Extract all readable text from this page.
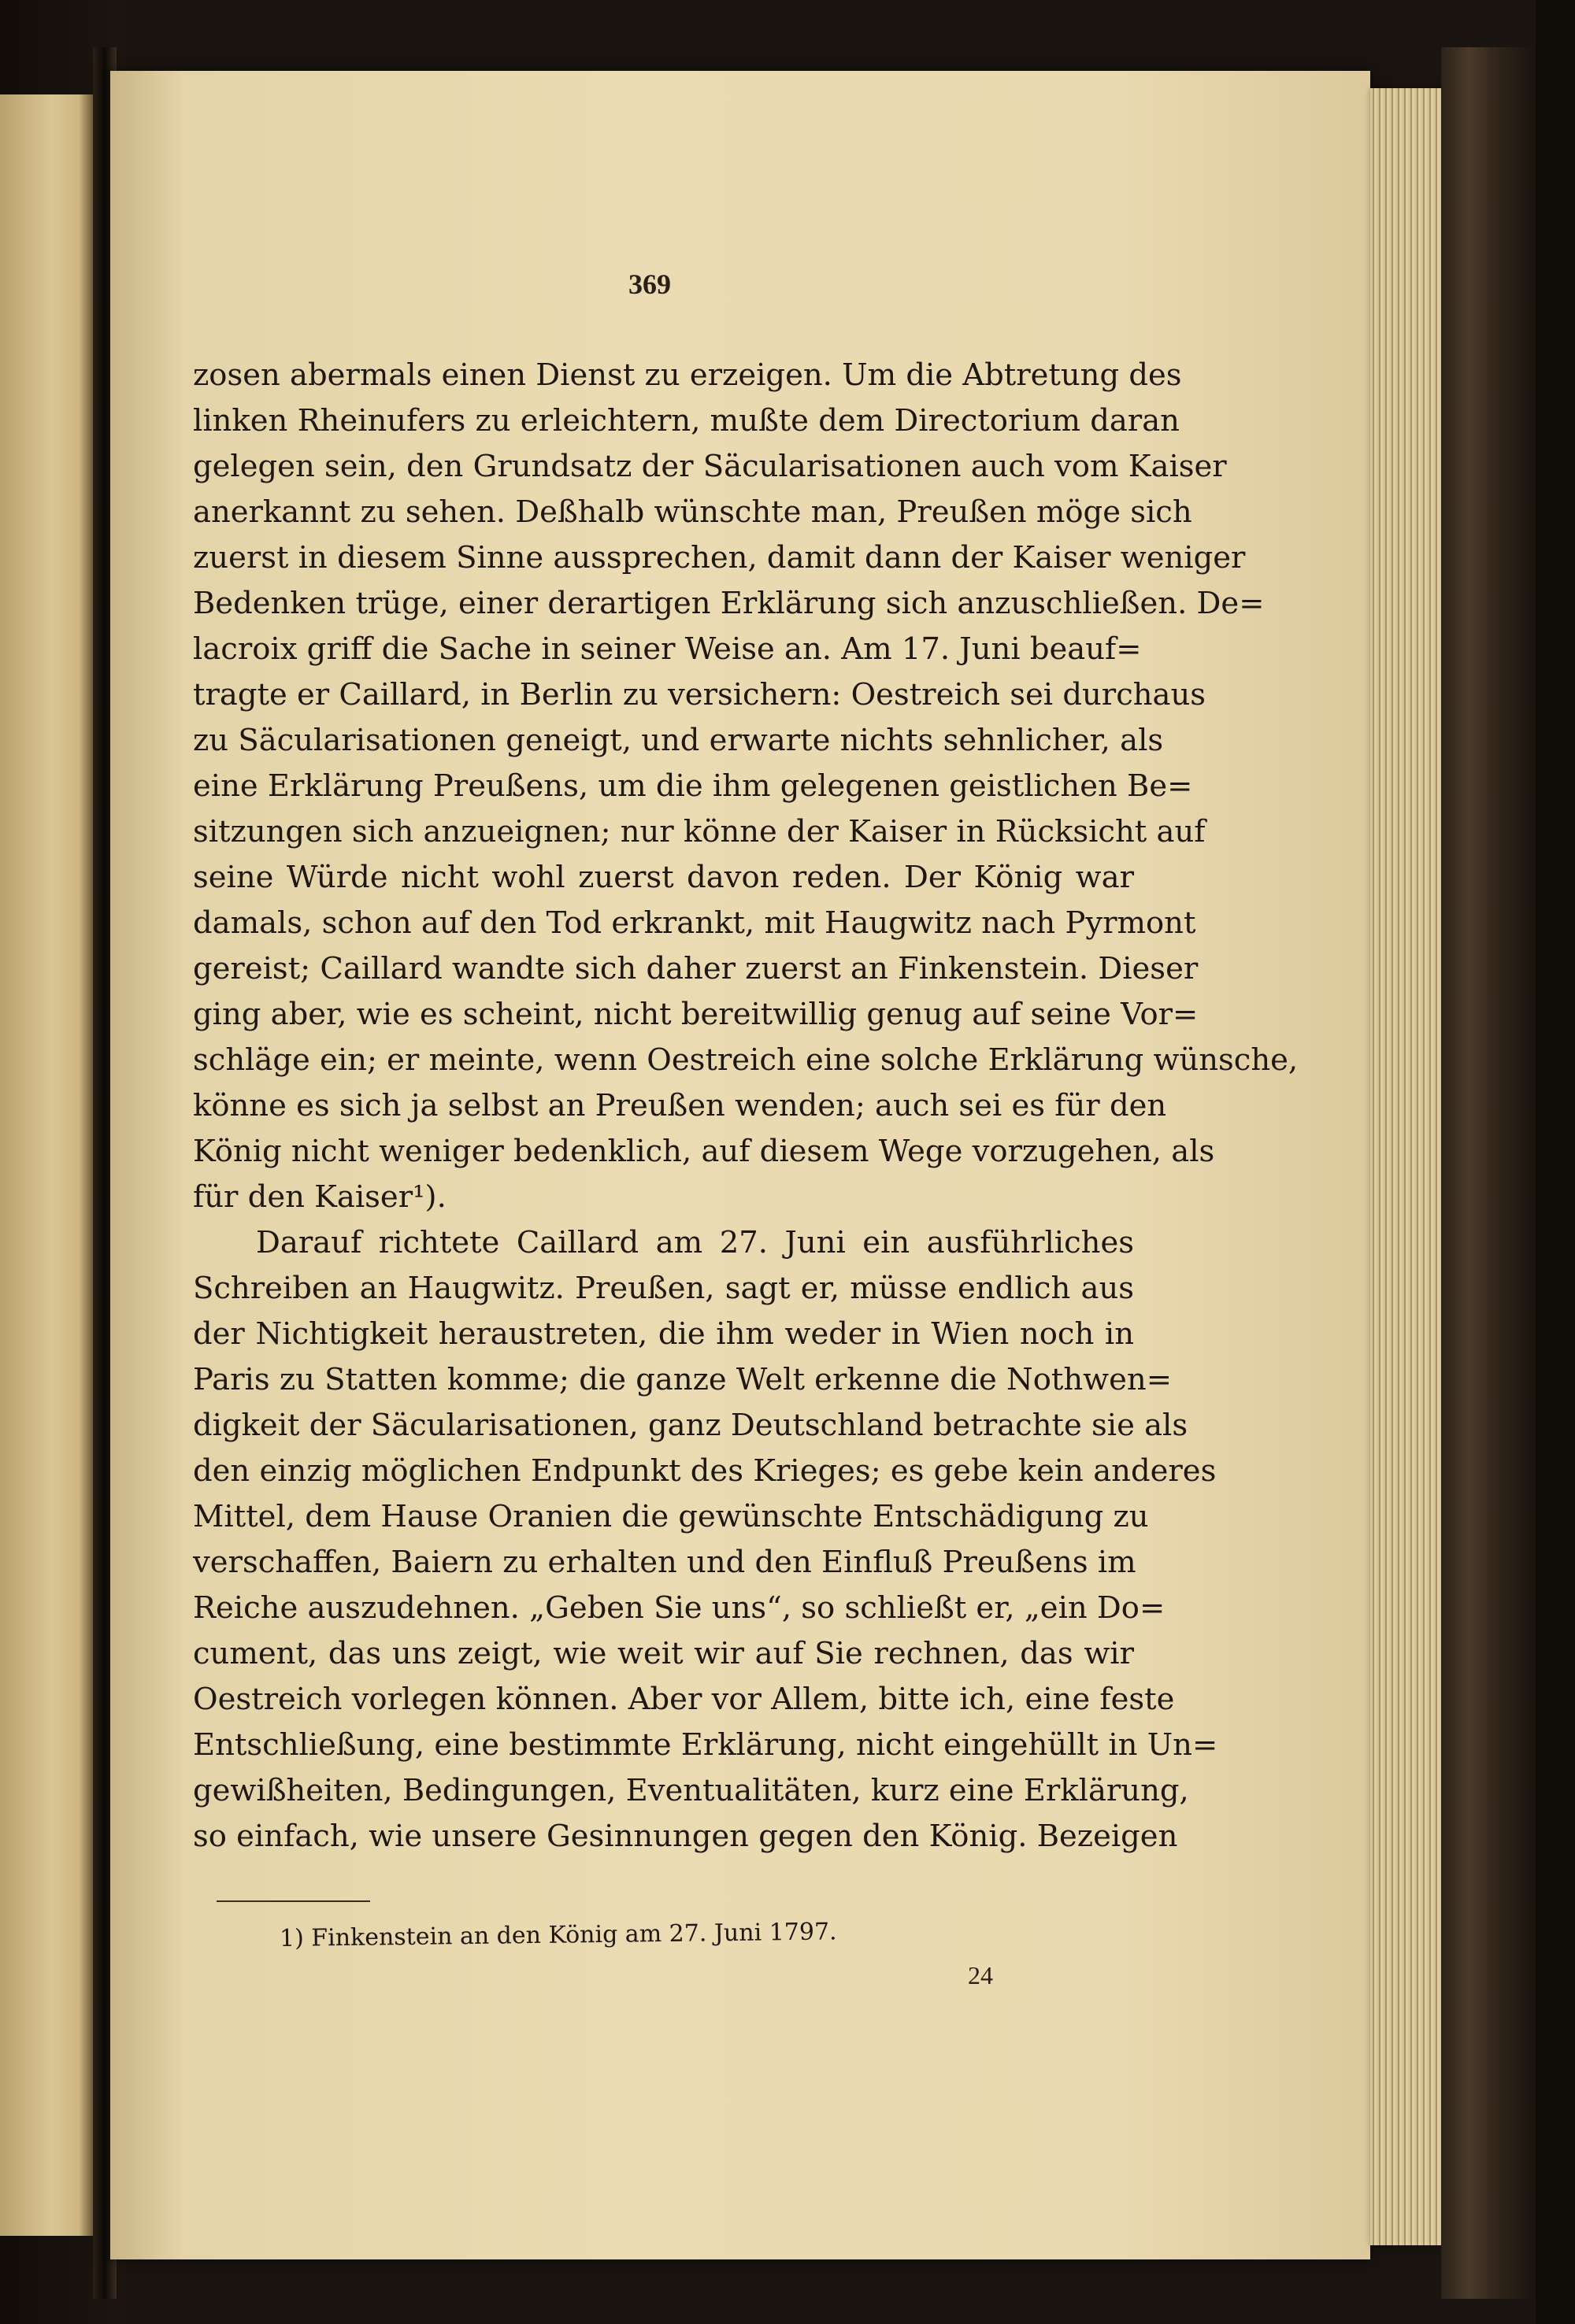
369
zosen abermals einen Dienst zu erzeigen. Um die Abtretung des
linken Rheinufers zu erleichtern, mußte dem Directorium daran
gelegen sein, den Grundsatz der Säcularisationen auch vom Kaiser
anerkannt zu sehen. Deßhalb wünschte man, Preußen möge sich
zuerst in diesem Sinne aussprechen, damit dann der Kaiser weniger
Bedenken trüge, einer derartigen Erklärung sich anzuschließen. De=
lacroix griff die Sache in seiner Weise an. Am 17. Juni beauf=
tragte er Caillard, in Berlin zu versichern: Oestreich sei durchaus
zu Säcularisationen geneigt, und erwarte nichts sehnlicher, als
eine Erklärung Preußens, um die ihm gelegenen geistlichen Be=
sitzungen sich anzueignen; nur könne der Kaiser in Rücksicht auf
seine Würde nicht wohl zuerst davon reden. Der König war
damals, schon auf den Tod erkrankt, mit Haugwitz nach Pyrmont
gereist; Caillard wandte sich daher zuerst an Finkenstein. Dieser
ging aber, wie es scheint, nicht bereitwillig genug auf seine Vor=
schläge ein; er meinte, wenn Oestreich eine solche Erklärung wünsche,
könne es sich ja selbst an Preußen wenden; auch sei es für den
König nicht weniger bedenklich, auf diesem Wege vorzugehen, als
für den Kaiser¹).
Darauf richtete Caillard am 27. Juni ein ausführliches
Schreiben an Haugwitz. Preußen, sagt er, müsse endlich aus
der Nichtigkeit heraustreten, die ihm weder in Wien noch in
Paris zu Statten komme; die ganze Welt erkenne die Nothwen=
digkeit der Säcularisationen, ganz Deutschland betrachte sie als
den einzig möglichen Endpunkt des Krieges; es gebe kein anderes
Mittel, dem Hause Oranien die gewünschte Entschädigung zu
verschaffen, Baiern zu erhalten und den Einfluß Preußens im
Reiche auszudehnen. „Geben Sie uns“, so schließt er, „ein Do=
cument, das uns zeigt, wie weit wir auf Sie rechnen, das wir
Oestreich vorlegen können. Aber vor Allem, bitte ich, eine feste
Entschließung, eine bestimmte Erklärung, nicht eingehüllt in Un=
gewißheiten, Bedingungen, Eventualitäten, kurz eine Erklärung,
so einfach, wie unsere Gesinnungen gegen den König. Bezeigen
1) Finkenstein an den König am 27. Juni 1797.
24
